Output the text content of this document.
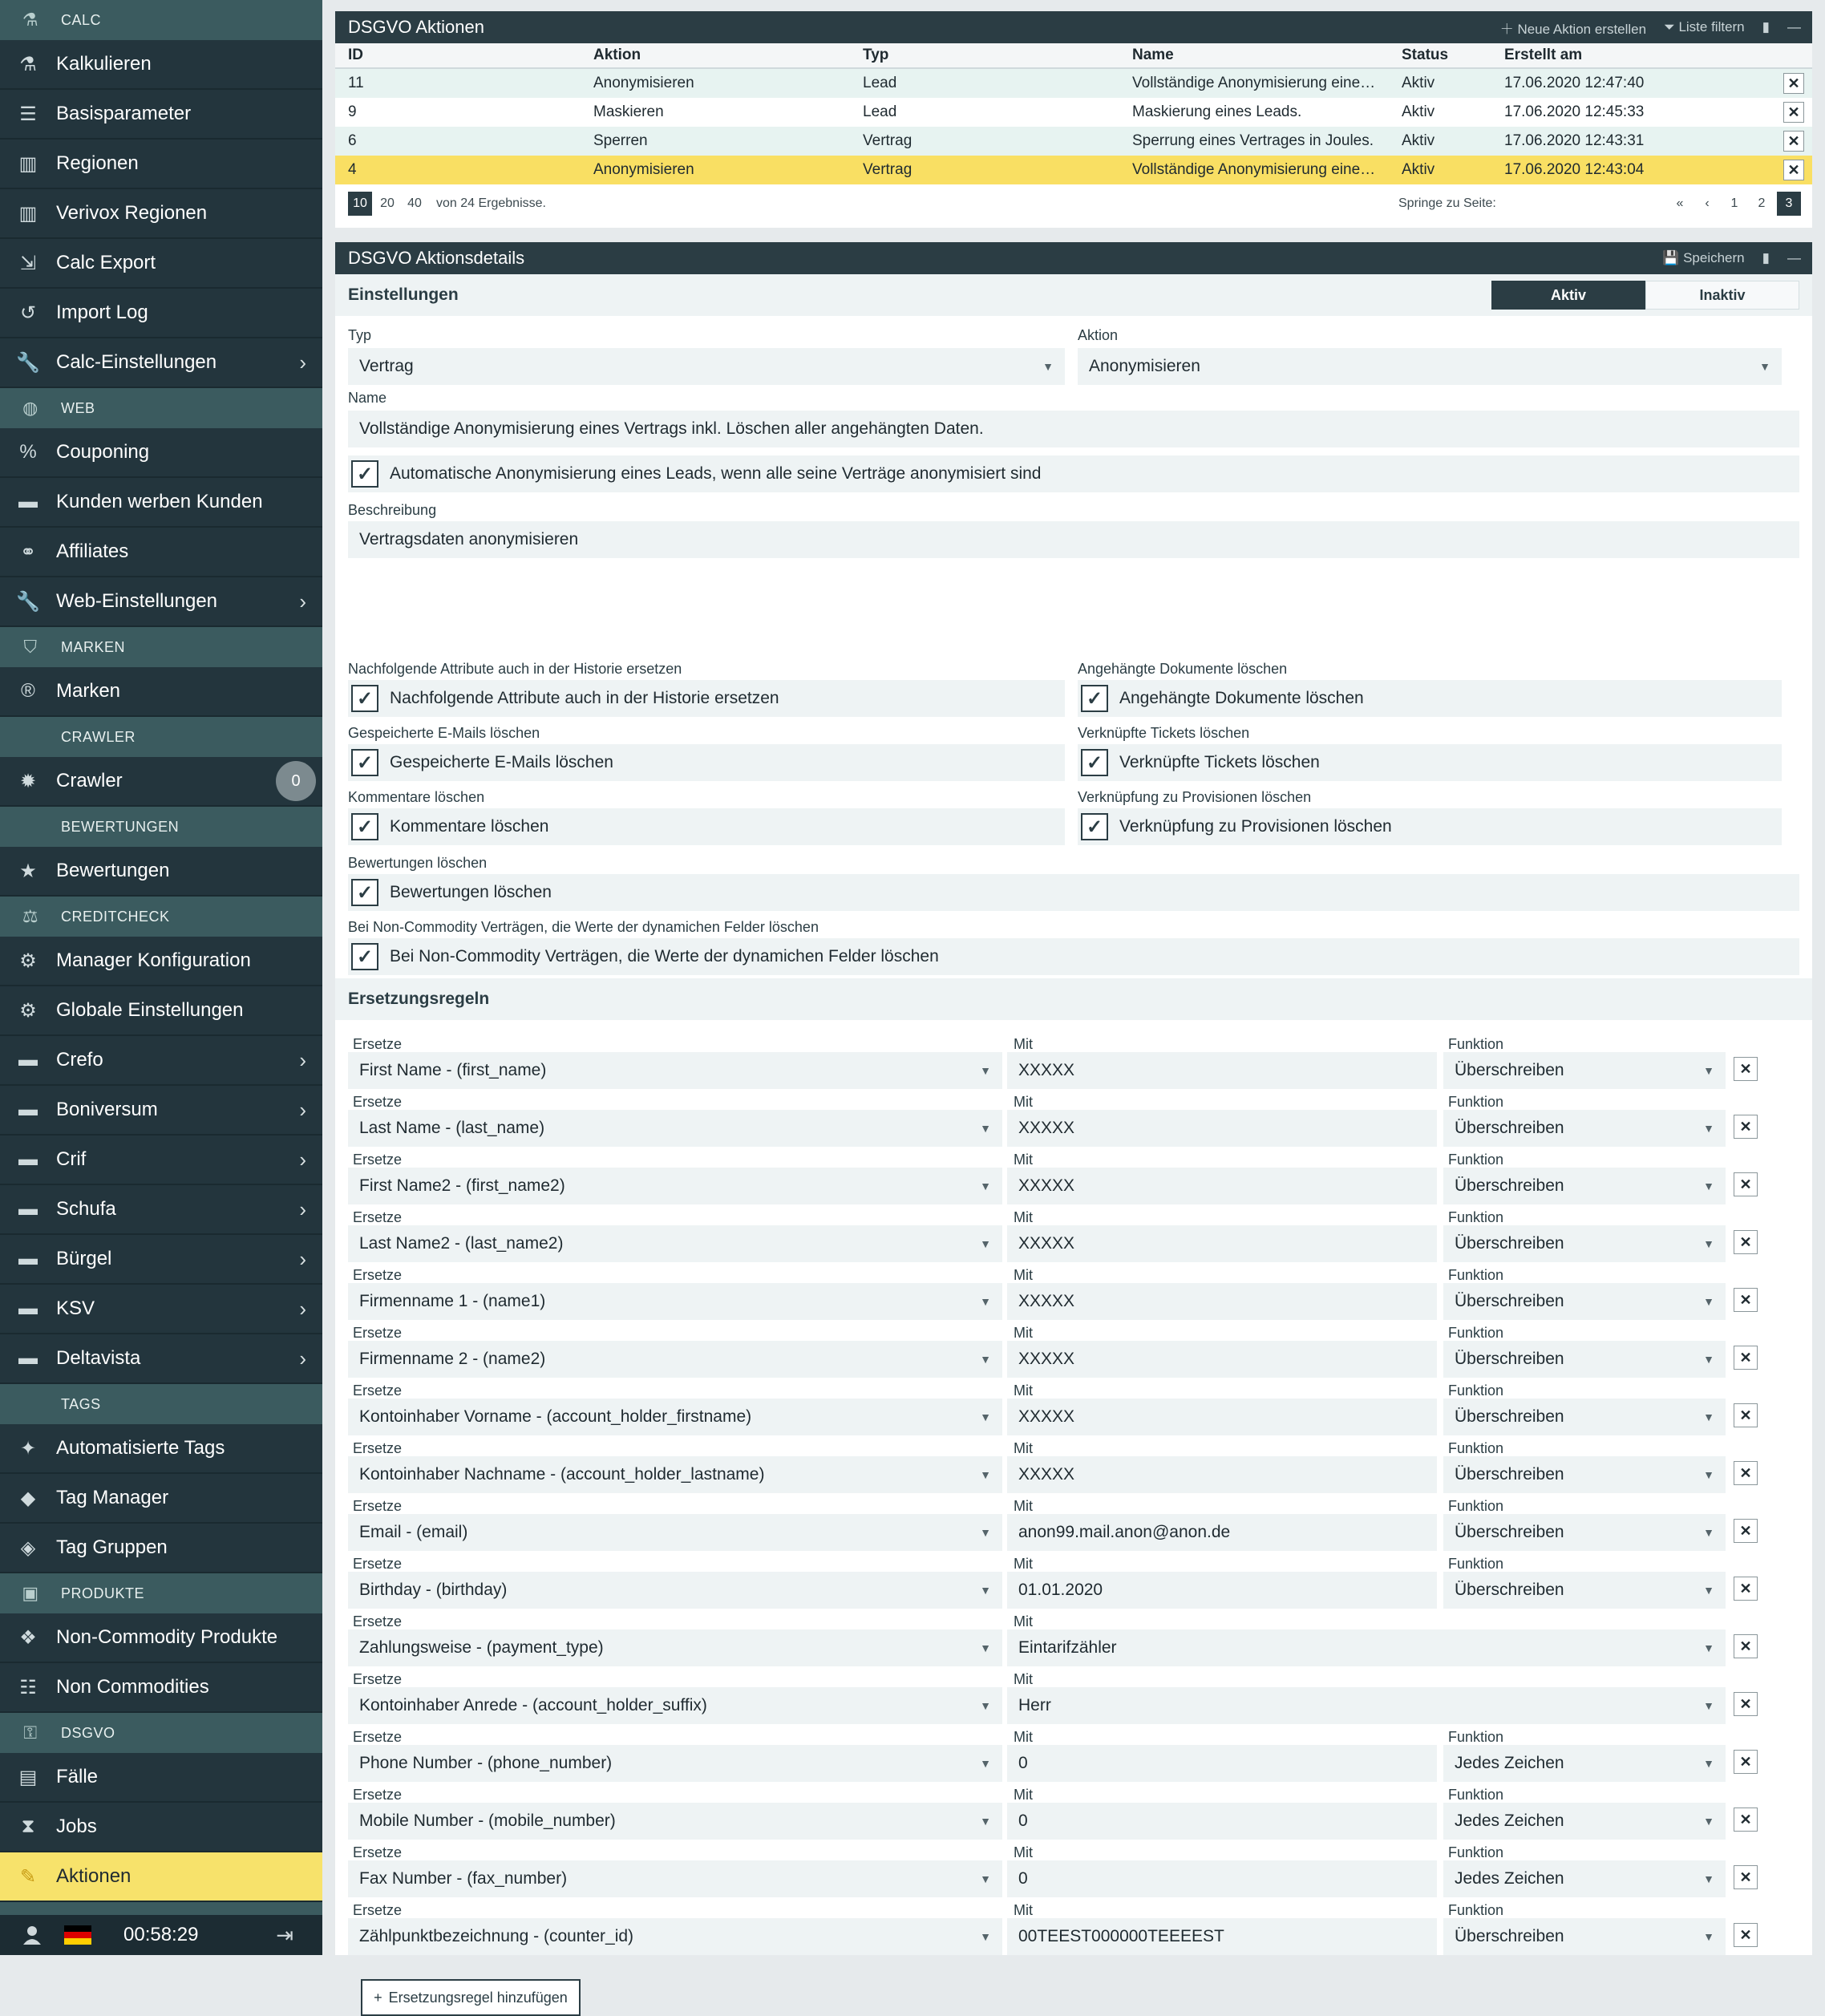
⚗	CALC
⚗	Kalkulieren
☰	Basisparameter
▥ Regionen
▥ Verivox Regionen
⇲	Calc Export
↺	Import Log
🔧 Calc-Einstellungen	›
◍	WEB
%	Couponing
▬ Kunden werben Kunden
⚭	Affiliates
🔧 Web-Einstellungen	›
⛉	MARKEN
®	Marken
CRAWLER
✹	Crawler	0
BEWERTUNGEN
★	Bewertungen
⚖	CREDITCHECK
⚙	Manager Konfiguration
⚙	Globale Einstellungen
▬ Crefo	›
▬ Boniversum	›
▬ Crif	›
▬ Schufa	›
▬ Bürgel	›
▬ KSV	›
▬ Deltavista	›
TAGS
✦	Automatisierte Tags
◆	Tag Manager
◈	Tag Gruppen
▣	PRODUKTE
❖	Non-Commodity Produkte
☷	Non Commodities
⚿	DSGVO
▤ Fälle
⧗	Jobs
✎	Aktionen
00:58:29	⇥
DSGVO Aktionen	＋ Neue Aktion erstellen ⏷ Liste filtern ▮ —
ID	Aktion	Typ	Name	Status	Erstellt am
11	Anonymisieren	Lead	Vollständige Anonymisierung eine…	Aktiv	17.06.2020 12:47:40	✕
9	Maskieren	Lead	Maskierung eines Leads.	Aktiv	17.06.2020 12:45:33	✕
6	Sperren	Vertrag	Sperrung eines Vertrages in Joules.	Aktiv	17.06.2020 12:43:31	✕
4	Anonymisieren	Vertrag	Vollständige Anonymisierung eine…	Aktiv	17.06.2020 12:43:04	✕
10	20	40	von 24 Ergebnisse.	Springe zu Seite:	«	‹	1	2	3
DSGVO Aktionsdetails	💾 Speichern ▮ —
Einstellungen	Aktiv	Inaktiv
Typ
Vertrag	▼
Aktion
Anonymisieren	▼
Name
Vollständige Anonymisierung eines Vertrags inkl. Löschen aller angehängten Daten.
✓ Automatische Anonymisierung eines Leads, wenn alle seine Verträge anonymisiert sind
Beschreibung
Vertragsdaten anonymisieren
Nachfolgende Attribute auch in der Historie ersetzen
✓ Nachfolgende Attribute auch in der Historie ersetzen
Angehängte Dokumente löschen
✓ Angehängte Dokumente löschen
Gespeicherte E-Mails löschen
✓ Gespeicherte E-Mails löschen
Verknüpfte Tickets löschen
✓ Verknüpfte Tickets löschen
Kommentare löschen
✓ Kommentare löschen
Verknüpfung zu Provisionen löschen
✓ Verknüpfung zu Provisionen löschen
Bewertungen löschen
✓ Bewertungen löschen
Bei Non-Commodity Verträgen, die Werte der dynamichen Felder löschen
✓ Bei Non-Commodity Verträgen, die Werte der dynamichen Felder löschen
Ersetzungsregeln
Ersetze
First Name - (first_name)	▼
Mit
XXXXX
Funktion
Überschreiben	▼	✕
Ersetze
Last Name - (last_name)	▼
Mit
XXXXX
Funktion
Überschreiben	▼	✕
Ersetze
First Name2 - (first_name2)	▼
Mit
XXXXX
Funktion
Überschreiben	▼	✕
Ersetze
Last Name2 - (last_name2)	▼
Mit
XXXXX
Funktion
Überschreiben	▼	✕
Ersetze
Firmenname 1 - (name1)	▼
Mit
XXXXX
Funktion
Überschreiben	▼	✕
Ersetze
Firmenname 2 - (name2)	▼
Mit
XXXXX
Funktion
Überschreiben	▼	✕
Ersetze
Kontoinhaber Vorname - (account_holder_firstname)	▼
Mit
XXXXX
Funktion
Überschreiben	▼	✕
Ersetze
Kontoinhaber Nachname - (account_holder_lastname)	▼
Mit
XXXXX
Funktion
Überschreiben	▼	✕
Ersetze
Email - (email)	▼
Mit
anon99.mail.anon@anon.de
Funktion
Überschreiben	▼	✕
Ersetze
Birthday - (birthday)	▼
Mit
01.01.2020
Funktion
Überschreiben	▼	✕
Ersetze
Zahlungsweise - (payment_type)	▼
Mit
Eintarifzähler	▼	✕
Ersetze
Kontoinhaber Anrede - (account_holder_suffix)	▼
Mit
Herr	▼	✕
Ersetze
Phone Number - (phone_number)	▼
Mit
0
Funktion
Jedes Zeichen	▼	✕
Ersetze
Mobile Number - (mobile_number)	▼
Mit
0
Funktion
Jedes Zeichen	▼	✕
Ersetze
Fax Number - (fax_number)	▼
Mit
0
Funktion
Jedes Zeichen	▼	✕
Ersetze
Zählpunktbezeichnung - (counter_id)	▼
Mit
00TEEST000000TEEEEST
Funktion
Überschreiben	▼	✕
+ Ersetzungsregel hinzufügen
